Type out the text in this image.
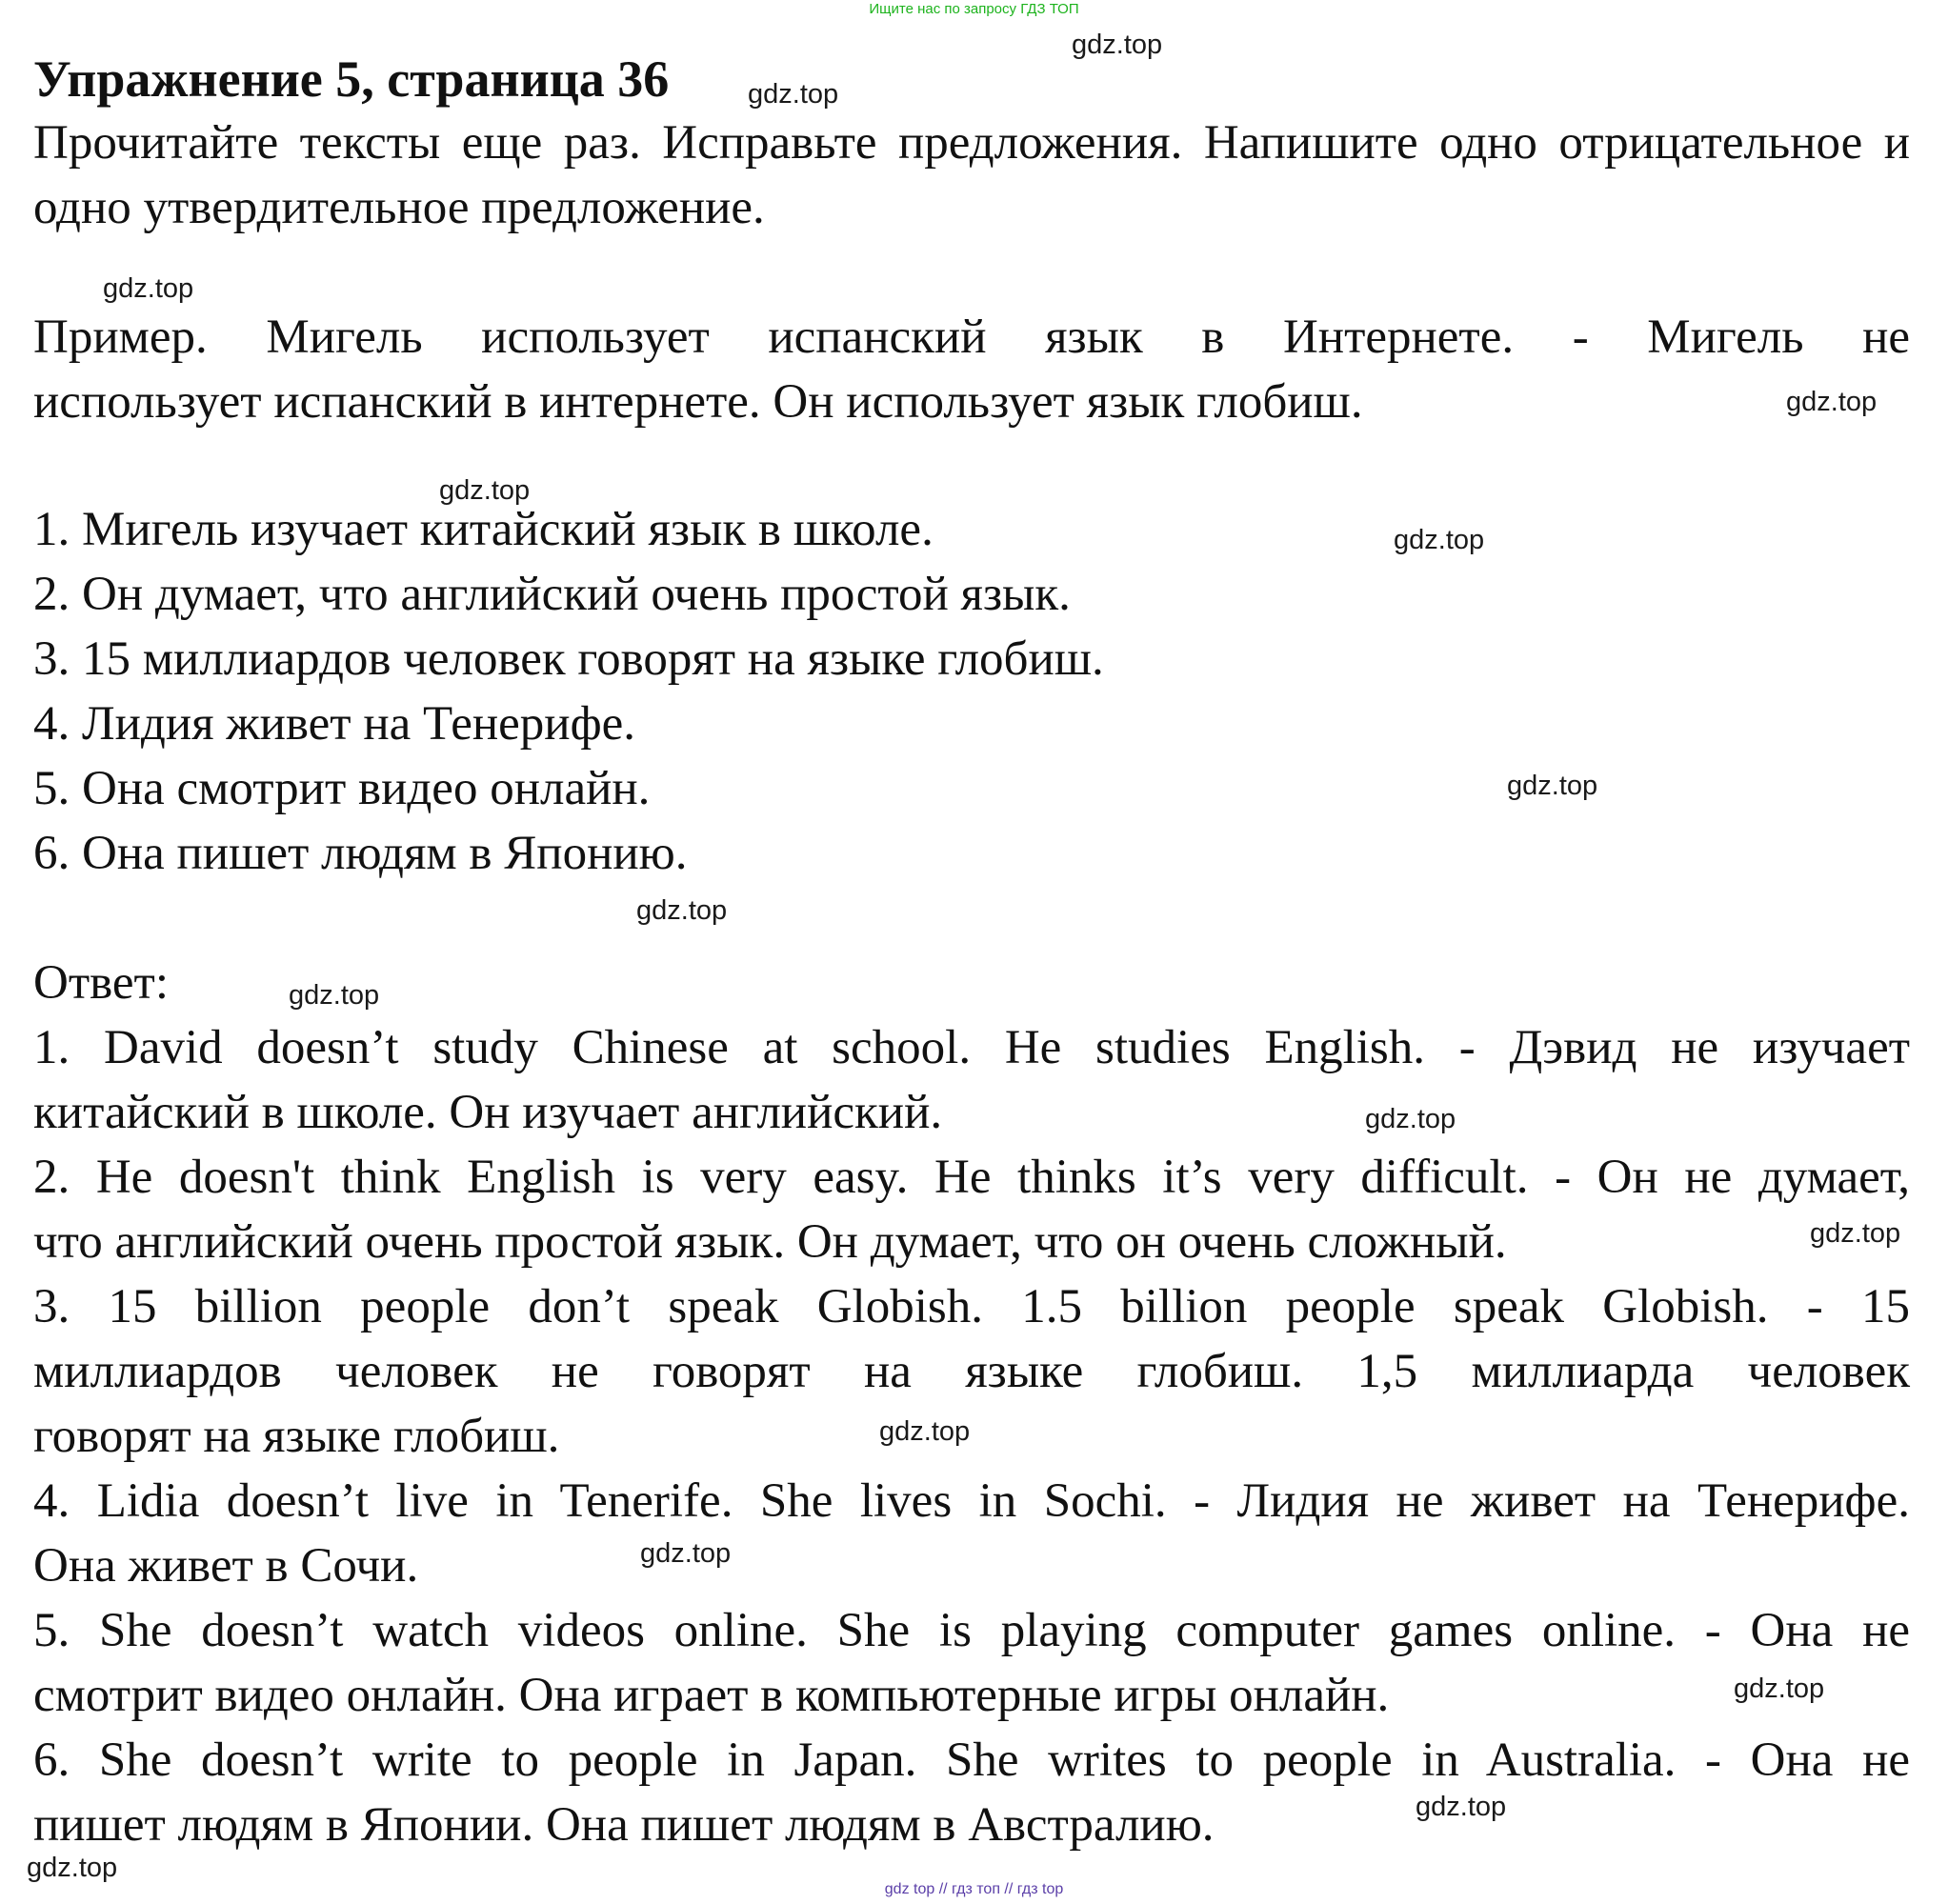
Ищите нас по запросу ГДЗ ТОП
Упражнение 5, страница 36
Прочитайте тексты еще раз. Исправьте предложения. Напишите одно отрицательное и одно утвердительное предложение.
Пример. Мигель использует испанский язык в Интернете. - Мигель не
использует испанский в интернете. Он использует язык глобиш.
1. Мигель изучает китайский язык в школе.
2. Он думает, что английский очень простой язык.
3. 15 миллиардов человек говорят на языке глобиш.
4. Лидия живет на Тенерифе.
5. Она смотрит видео онлайн.
6. Она пишет людям в Японию.
Ответ:
1. David doesn’t study Chinese at school. He studies English. - Дэвид не изучает
китайский в школе. Он изучает английский.
2. He doesn't think English is very easy. He thinks it’s very difficult. - Он не думает,
что английский очень простой язык. Он думает, что он очень сложный.
3. 15 billion people don’t speak Globish. 1.5 billion people speak Globish. - 15
миллиардов человек не говорят на языке глобиш. 1,5 миллиарда человек
говорят на языке глобиш.
4. Lidia doesn’t live in Tenerife. She lives in Sochi. - Лидия не живет на Тенерифе.
Она живет в Сочи.
5. She doesn’t watch videos online. She is playing computer games online. - Она не
смотрит видео онлайн. Она играет в компьютерные игры онлайн.
6. She doesn’t write to people in Japan. She writes to people in Australia. - Она не
пишет людям в Японии. Она пишет людям в Австралию.
gdz.top
gdz.top
gdz.top
gdz.top
gdz.top
gdz.top
gdz.top
gdz.top
gdz.top
gdz.top
gdz.top
gdz.top
gdz.top
gdz.top
gdz.top
gdz.top
gdz top // гдз топ // гдз top
